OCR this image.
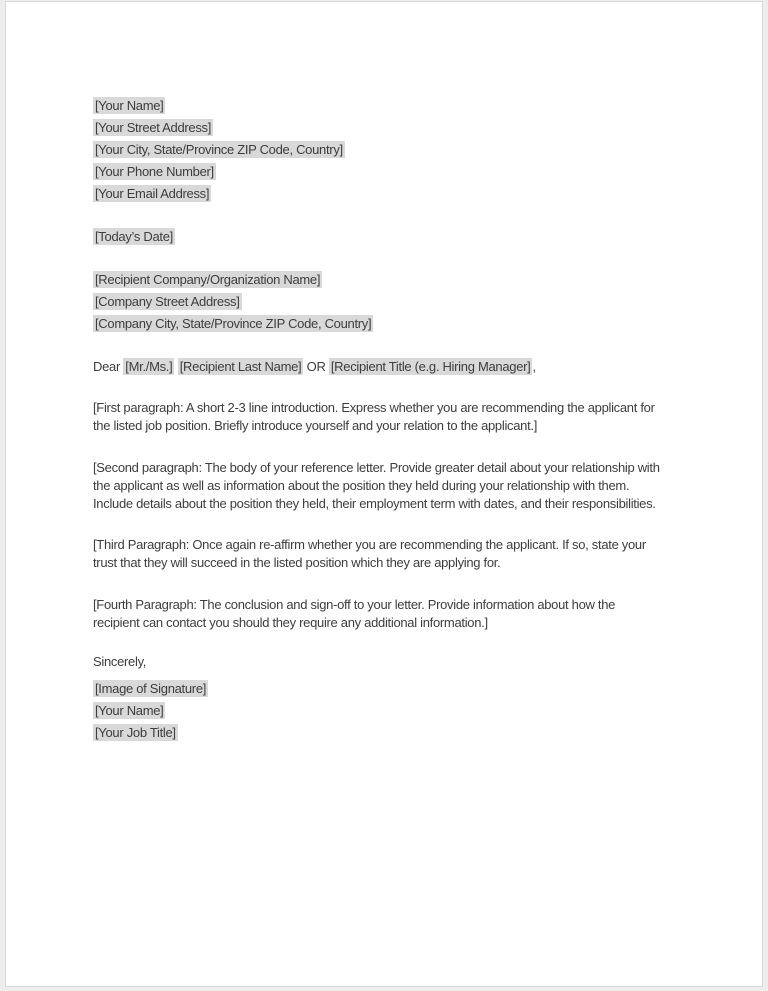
[Your Name]
[Your Street Address]
[Your City, State/Province ZIP Code, Country]
[Your Phone Number]
[Your Email Address]
[Today’s Date]
[Recipient Company/Organization Name]
[Company Street Address]
[Company City, State/Province ZIP Code, Country]
Dear [Mr./Ms.] [Recipient Last Name] OR [Recipient Title (e.g. Hiring Manager] ,
[First paragraph: A short 2-3 line introduction. Express whether you are recommending the applicant for
the listed job position. Briefly introduce yourself and your relation to the applicant.]
[Second paragraph: The body of your reference letter. Provide greater detail about your relationship with
the applicant as well as information about the position they held during your relationship with them.
Include details about the position they held, their employment term with dates, and their responsibilities.
[Third Paragraph: Once again re-affirm whether you are recommending the applicant. If so, state your
trust that they will succeed in the listed position which they are applying for.
[Fourth Paragraph: The conclusion and sign-off to your letter. Provide information about how the
recipient can contact you should they require any additional information.]
Sincerely,
[Image of Signature]
[Your Name]
[Your Job Title]
